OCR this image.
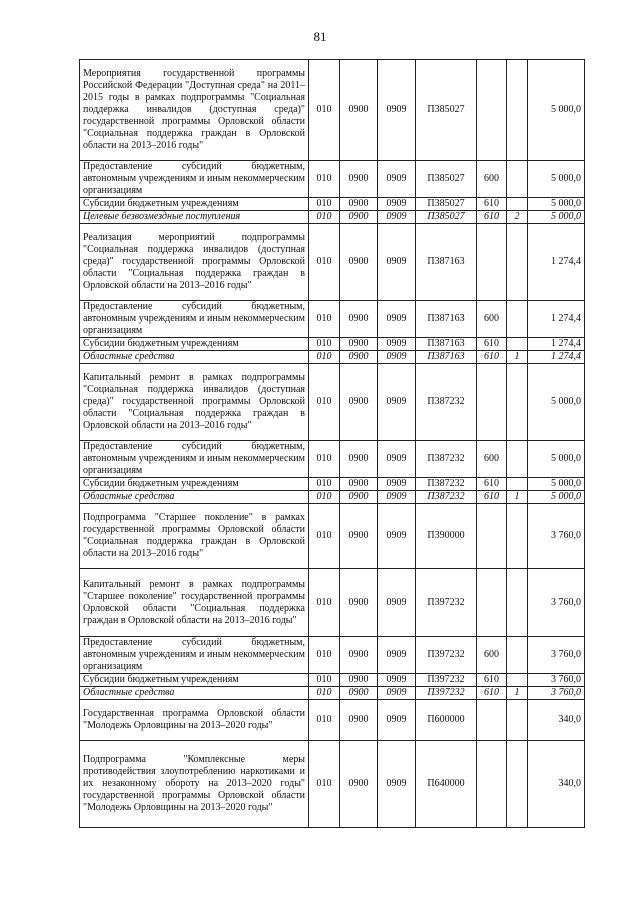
81
Мероприятия государственной программы Российской Федерации "Доступная среда" на 2011–2015 годы в рамках подпрограммы "Социальная поддержка инвалидов (доступная среда)" государственной программы Орловской области "Социальная поддержка граждан в Орловской области на 2013–2016 годы"	010	0900	0909	П385027			5 000,0
Предоставление субсидий бюджетным, автономным учреждениям и иным некоммерческим организациям	010	0900	0909	П385027	600		5 000,0
Субсидии бюджетным учреждениям	010	0900	0909	П385027	610		5 000,0
Целевые безвозмездные поступления	010	0900	0909	П385027	610	2	5 000,0
Реализация мероприятий подпрограммы "Социальная поддержка инвалидов (доступная среда)" государственной программы Орловской области "Социальная поддержка граждан в Орловской области на 2013–2016 годы"	010	0900	0909	П387163			1 274,4
Предоставление субсидий бюджетным, автономным учреждениям и иным некоммерческим организациям	010	0900	0909	П387163	600		1 274,4
Субсидии бюджетным учреждениям	010	0900	0909	П387163	610		1 274,4
Областные средства	010	0900	0909	П387163	610	1	1 274,4
Капитальный ремонт в рамках подпрограммы "Социальная поддержка инвалидов (доступная среда)" государственной программы Орловской области "Социальная поддержка граждан в Орловской области на 2013–2016 годы"	010	0900	0909	П387232			5 000,0
Предоставление субсидий бюджетным, автономным учреждениям и иным некоммерческим организациям	010	0900	0909	П387232	600		5 000,0
Субсидии бюджетным учреждениям	010	0900	0909	П387232	610		5 000,0
Областные средства	010	0900	0909	П387232	610	1	5 000,0
Подпрограмма "Старшее поколение" в рамках государственной программы Орловской области "Социальная поддержка граждан в Орловской области на 2013–2016 годы"	010	0900	0909	П390000			3 760,0
Капитальный ремонт в рамках подпрограммы "Старшее поколение" государственной программы Орловской области "Социальная поддержка граждан в Орловской области на 2013–2016 годы"	010	0900	0909	П397232			3 760,0
Предоставление субсидий бюджетным, автономным учреждениям и иным некоммерческим организациям	010	0900	0909	П397232	600		3 760,0
Субсидии бюджетным учреждениям	010	0900	0909	П397232	610		3 760,0
Областные средства	010	0900	0909	П397232	610	1	3 760,0
Государственная программа Орловской области "Молодежь Орловщины на 2013–2020 годы"	010	0900	0909	П600000			340,0
Подпрограмма "Комплексные меры противодействия злоупотреблению наркотиками и их незаконному обороту на 2013–2020 годы" государственной программы Орловской области "Молодежь Орловщины на 2013–2020 годы"	010	0900	0909	П640000			340,0
